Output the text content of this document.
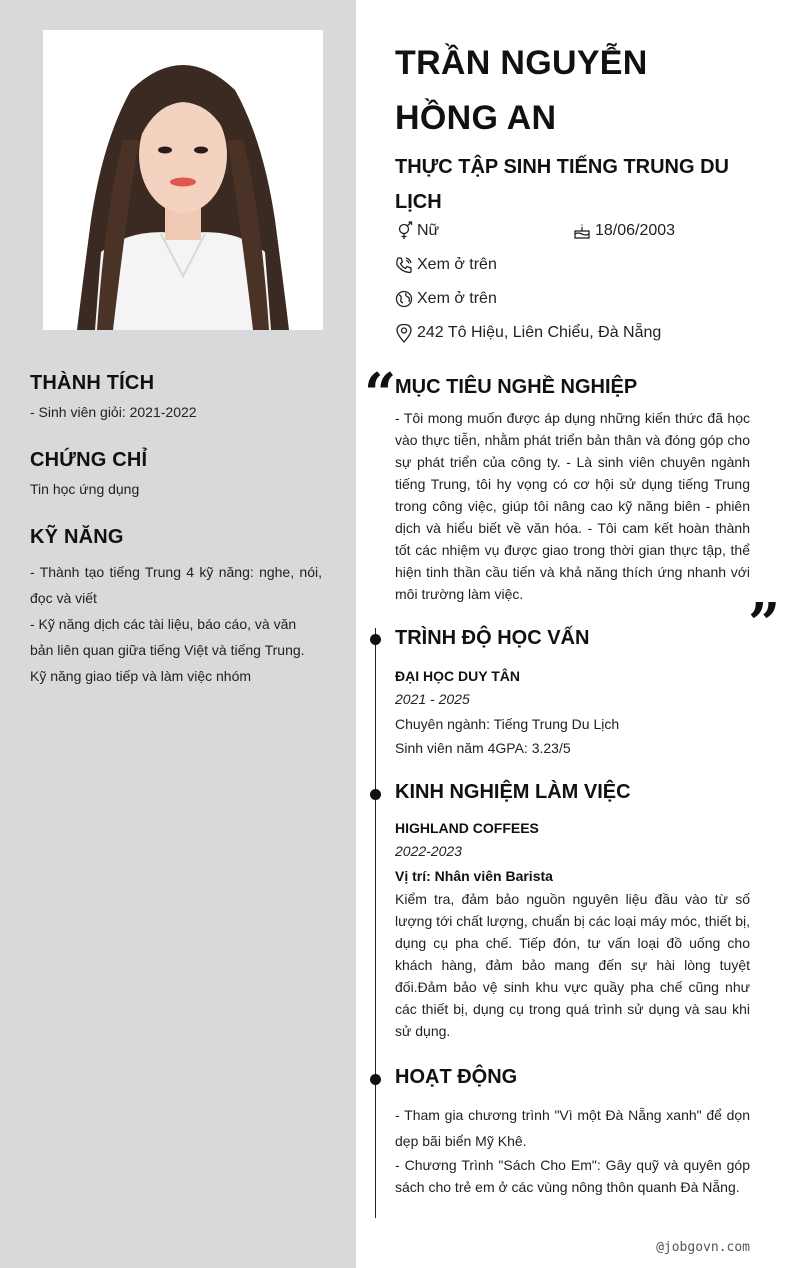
THÀNH TÍCH
- Sinh viên giỏi: 2021-2022
CHỨNG CHỈ
Tin học ứng dụng
KỸ NĂNG
- Thành tạo tiếng Trung 4 kỹ năng: nghe, nói, đọc và viết
- Kỹ năng dịch các tài liệu, báo cáo, và văn bản liên quan giữa tiếng Việt và tiếng Trung.
Kỹ năng giao tiếp và làm việc nhóm
TRẦN NGUYỄN HỒNG AN
THỰC TẬP SINH TIẾNG TRUNG DU LỊCH
Nữ	18/06/2003
Xem ở trên
Xem ở trên
242 Tô Hiệu, Liên Chiểu, Đà Nẵng
“
MỤC TIÊU NGHỀ NGHIỆP
- Tôi mong muốn được áp dụng những kiến thức đã học vào thực tiễn, nhằm phát triển bản thân và đóng góp cho sự phát triển của công ty. - Là sinh viên chuyên ngành tiếng Trung, tôi hy vọng có cơ hội sử dụng tiếng Trung trong công việc, giúp tôi nâng cao kỹ năng biên - phiên dịch và hiểu biết về văn hóa. - Tôi cam kết hoàn thành tốt các nhiệm vụ được giao trong thời gian thực tập, thể hiện tinh thần cầu tiến và khả năng thích ứng nhanh với môi trường làm việc.	”
TRÌNH ĐỘ HỌC VẤN
ĐẠI HỌC DUY TÂN
2021 - 2025
Chuyên ngành: Tiếng Trung Du Lịch
Sinh viên năm 4GPA: 3.23/5
KINH NGHIỆM LÀM VIỆC
HIGHLAND COFFEES
2022-2023
Vị trí: Nhân viên Barista
Kiểm tra, đảm bảo nguồn nguyên liệu đầu vào từ số lượng tới chất lượng, chuẩn bị các loại máy móc, thiết bị, dụng cụ pha chế. Tiếp đón, tư vấn loại đồ uống cho khách hàng, đảm bảo mang đến sự hài lòng tuyệt đối.Đảm bảo vệ sinh khu vực quầy pha chế cũng như các thiết bị, dụng cụ trong quá trình sử dụng và sau khi sử dụng.
HOẠT ĐỘNG
- Tham gia chương trình "Vì một Đà Nẵng xanh" để dọn dẹp bãi biển Mỹ Khê.
- Chương Trình "Sách Cho Em": Gây quỹ và quyên góp sách cho trẻ em ở các vùng nông thôn quanh Đà Nẵng.
@jobgovn.com
